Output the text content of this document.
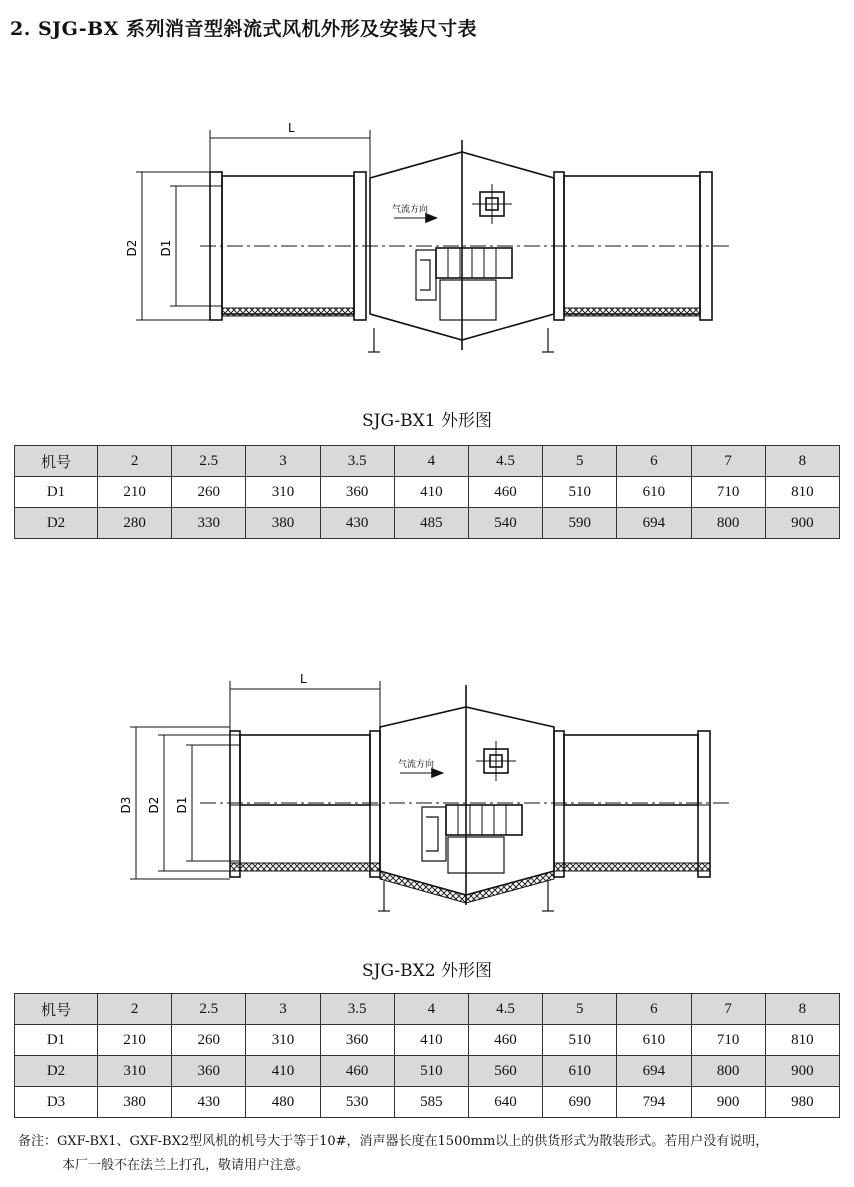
2. SJG-BX 系列消音型斜流式风机外形及安装尺寸表
L
D2 D1
气流方向
SJG-BX1 外形图
机号	2	2.5	3	3.5	4	4.5	5	6	7	8
D1	210	260	310	360	410	460	510	610	710	810
D2	280	330	380	430	485	540	590	694	800	900
L
D3 D2 D1
气流方向
SJG-BX2 外形图
机号	2	2.5	3	3.5	4	4.5	5	6	7	8
D1	210	260	310	360	410	460	510	610	710	810
D2	310	360	410	460	510	560	610	694	800	900
D3	380	430	480	530	585	640	690	794	900	980
备注：GXF-BX1、GXF-BX2型风机的机号大于等于10#，消声器长度在1500mm以上的供货形式为散装形式。若用户没有说明，
本厂一般不在法兰上打孔，敬请用户注意。
